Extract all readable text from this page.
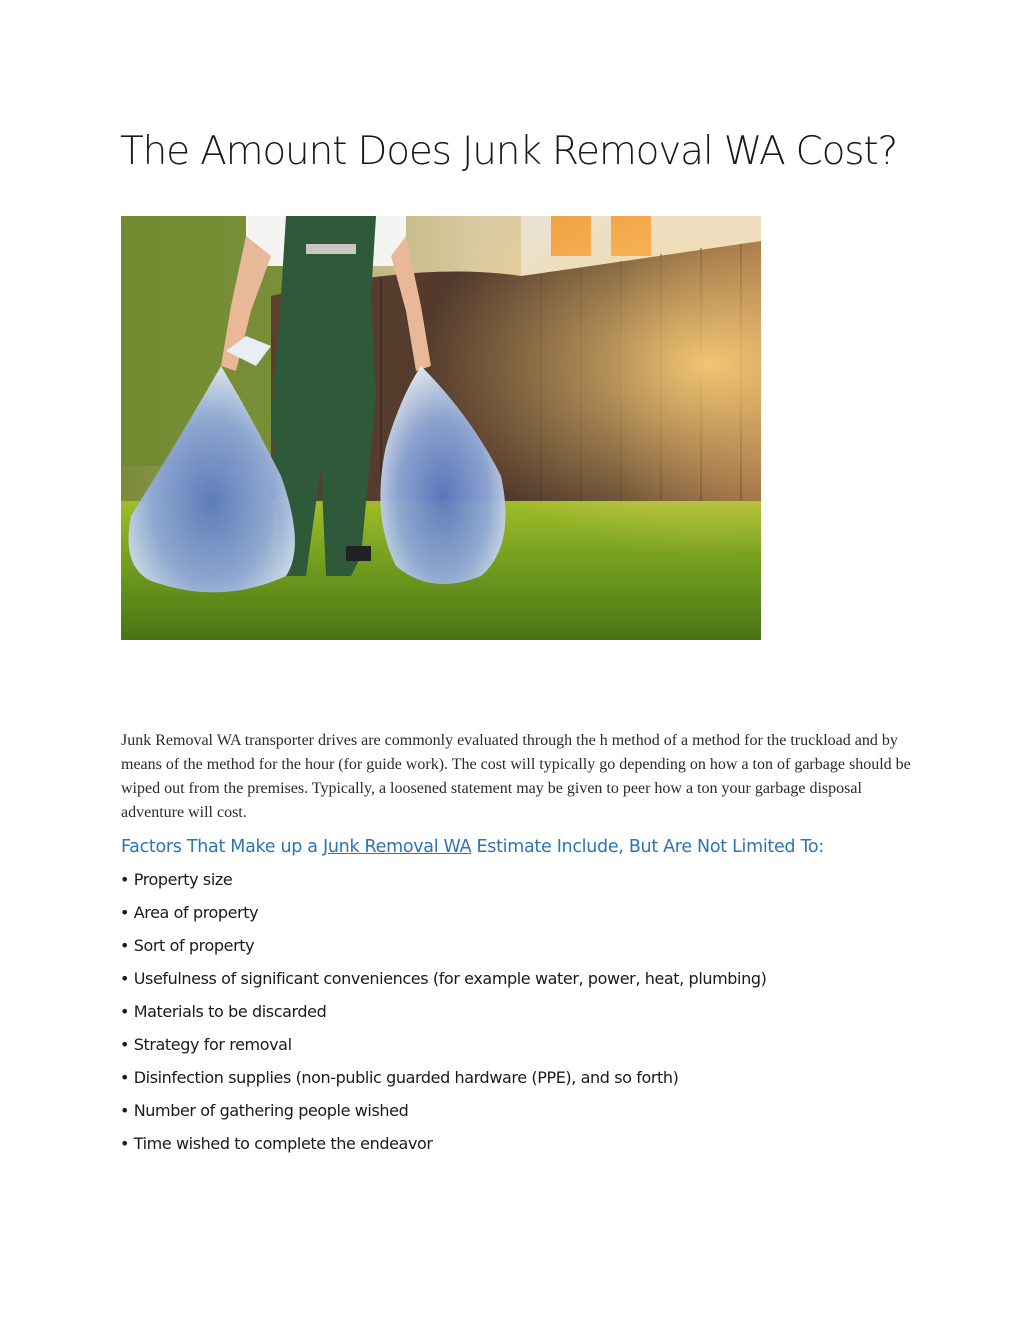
The Amount Does Junk Removal WA Cost?

Junk Removal WA transporter drives are commonly evaluated through the h method of a method for the truckload and by means of the method for the hour (for guide work). The cost will typically go depending on how a ton of garbage should be wiped out from the premises. Typically, a loosened statement may be given to peer how a ton your garbage disposal adventure will cost.

Factors That Make up a Junk Removal WA Estimate Include, But Are Not Limited To:
• Property size
• Area of property
• Sort of property
• Usefulness of significant conveniences (for example water, power, heat, plumbing)
• Materials to be discarded
• Strategy for removal
• Disinfection supplies (non-public guarded hardware (PPE), and so forth)
• Number of gathering people wished
• Time wished to complete the endeavor
